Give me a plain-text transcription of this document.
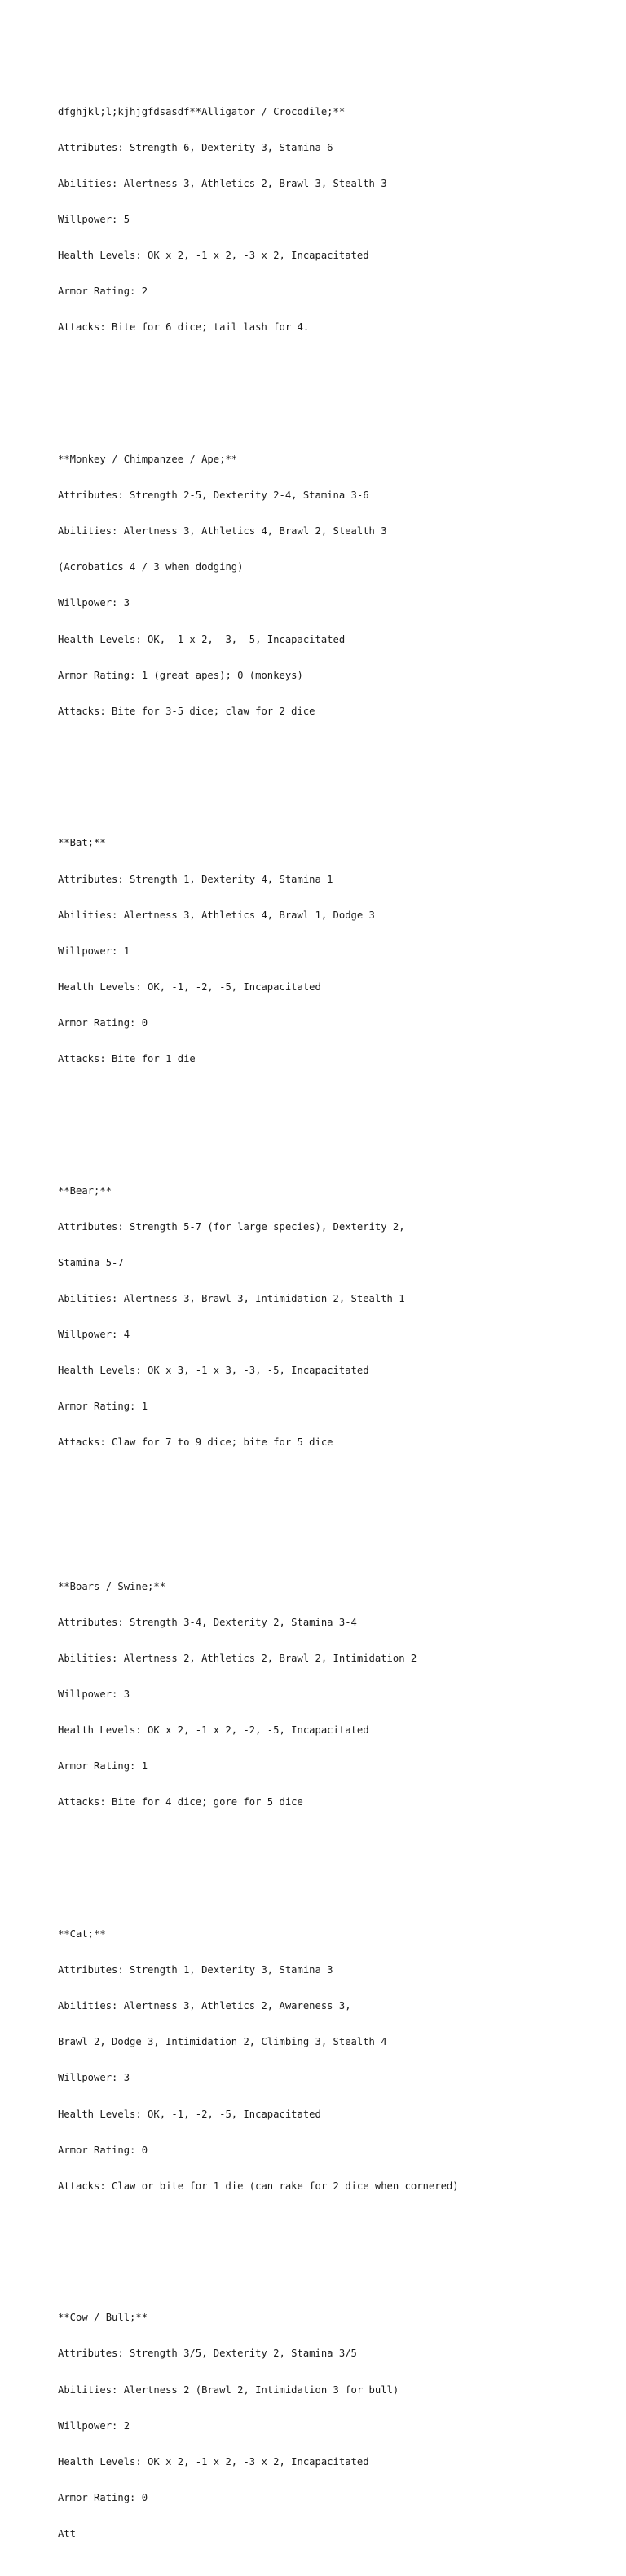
dfghjkl;l;kjhjgfdsasdf**Alligator / Crocodile;**

Attributes: Strength 6, Dexterity 3, Stamina 6

Abilities: Alertness 3, Athletics 2, Brawl 3, Stealth 3

Willpower: 5

Health Levels: OK x 2, -1 x 2, -3 x 2, Incapacitated

Armor Rating: 2

Attacks: Bite for 6 dice; tail lash for 4.

**Monkey / Chimpanzee / Ape;**

Attributes: Strength 2-5, Dexterity 2-4, Stamina 3-6

Abilities: Alertness 3, Athletics 4, Brawl 2, Stealth 3

(Acrobatics 4 / 3 when dodging)

Willpower: 3

Health Levels: OK, -1 x 2, -3, -5, Incapacitated

Armor Rating: 1 (great apes); 0 (monkeys)

Attacks: Bite for 3-5 dice; claw for 2 dice

**Bat;**

Attributes: Strength 1, Dexterity 4, Stamina 1

Abilities: Alertness 3, Athletics 4, Brawl 1, Dodge 3

Willpower: 1

Health Levels: OK, -1, -2, -5, Incapacitated

Armor Rating: 0

Attacks: Bite for 1 die

**Bear;**

Attributes: Strength 5-7 (for large species), Dexterity 2,

Stamina 5-7

Abilities: Alertness 3, Brawl 3, Intimidation 2, Stealth 1

Willpower: 4

Health Levels: OK x 3, -1 x 3, -3, -5, Incapacitated

Armor Rating: 1

Attacks: Claw for 7 to 9 dice; bite for 5 dice

**Boars / Swine;**

Attributes: Strength 3-4, Dexterity 2, Stamina 3-4

Abilities: Alertness 2, Athletics 2, Brawl 2, Intimidation 2

Willpower: 3

Health Levels: OK x 2, -1 x 2, -2, -5, Incapacitated

Armor Rating: 1

Attacks: Bite for 4 dice; gore for 5 dice

**Cat;**

Attributes: Strength 1, Dexterity 3, Stamina 3

Abilities: Alertness 3, Athletics 2, Awareness 3,

Brawl 2, Dodge 3, Intimidation 2, Climbing 3, Stealth 4

Willpower: 3

Health Levels: OK, -1, -2, -5, Incapacitated

Armor Rating: 0

Attacks: Claw or bite for 1 die (can rake for 2 dice when cornered)

**Cow / Bull;**

Attributes: Strength 3/5, Dexterity 2, Stamina 3/5

Abilities: Alertness 2 (Brawl 2, Intimidation 3 for bull)

Willpower: 2

Health Levels: OK x 2, -1 x 2, -3 x 2, Incapacitated

Armor Rating: 0

Att
